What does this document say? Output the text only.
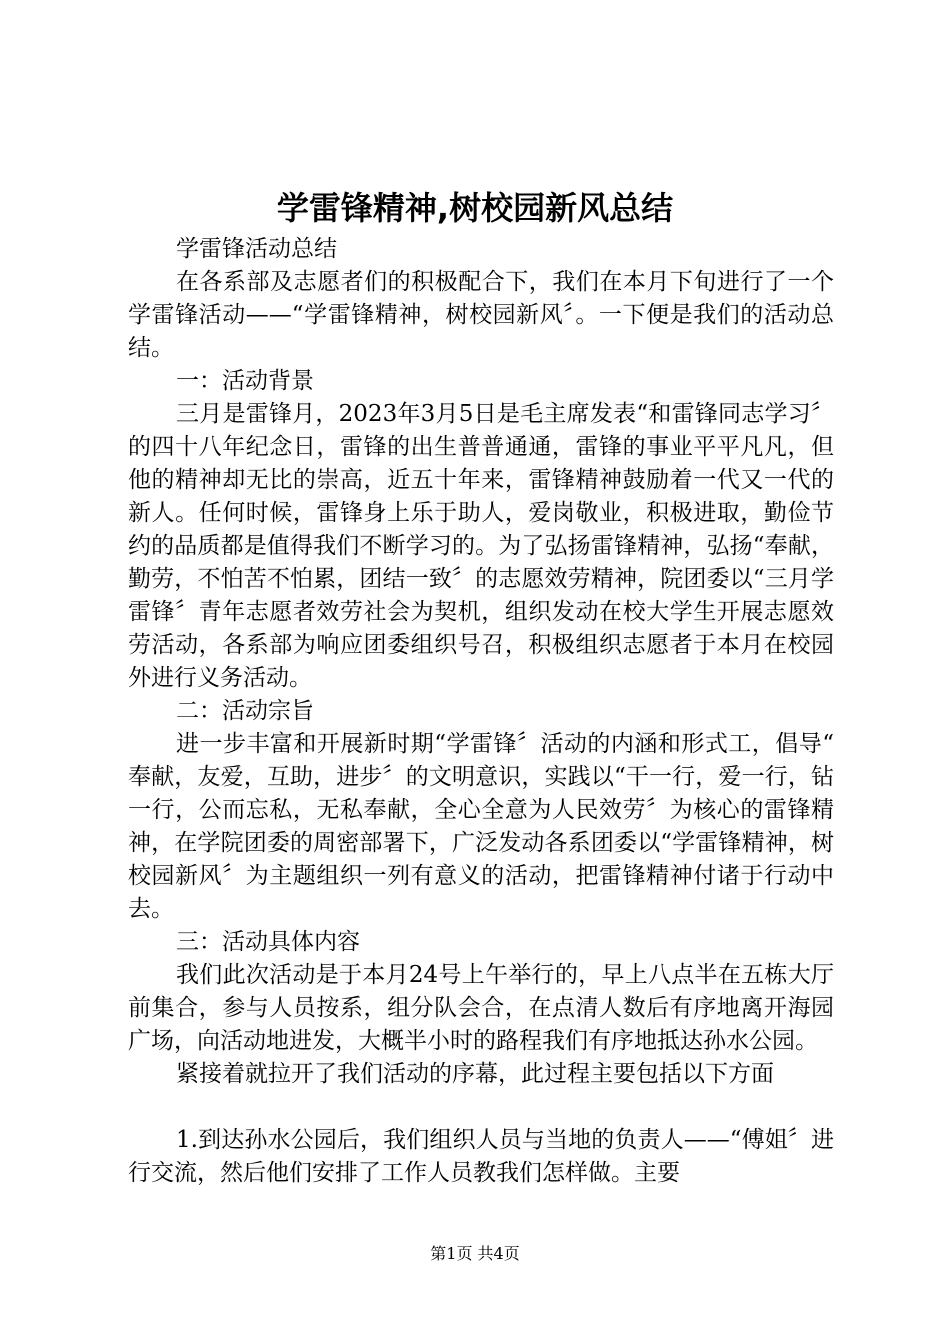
学雷锋精神,树校园新风总结

学雷锋活动总结

在各系部及志愿者们的积极配合下，我们在本月下旬进行了一个学雷锋活动——“学雷锋精神，树校园新风〞。一下便是我们的活动总结。

一：活动背景

三月是雷锋月，2023年3月5日是毛主席发表“和雷锋同志学习〞的四十八年纪念日，雷锋的出生普普通通，雷锋的事业平平凡凡，但他的精神却无比的崇高，近五十年来，雷锋精神鼓励着一代又一代的新人。任何时候，雷锋身上乐于助人，爱岗敬业，积极进取，勤俭节约的品质都是值得我们不断学习的。为了弘扬雷锋精神，弘扬“奉献，勤劳，不怕苦不怕累，团结一致〞的志愿效劳精神，院团委以“三月学雷锋〞青年志愿者效劳社会为契机，组织发动在校大学生开展志愿效劳活动，各系部为响应团委组织号召，积极组织志愿者于本月在校园外进行义务活动。

二：活动宗旨

进一步丰富和开展新时期“学雷锋〞活动的内涵和形式工，倡导“奉献，友爱，互助，进步〞的文明意识，实践以“干一行，爱一行，钻一行，公而忘私，无私奉献，全心全意为人民效劳〞为核心的雷锋精神，在学院团委的周密部署下，广泛发动各系团委以“学雷锋精神，树校园新风〞为主题组织一列有意义的活动，把雷锋精神付诸于行动中去。

三：活动具体内容

我们此次活动是于本月24号上午举行的，早上八点半在五栋大厅前集合，参与人员按系，组分队会合，在点清人数后有序地离开海园广场，向活动地进发，大概半小时的路程我们有序地抵达孙水公园。

紧接着就拉开了我们活动的序幕，此过程主要包括以下方面

1.到达孙水公园后，我们组织人员与当地的负责人——“傅姐〞进行交流，然后他们安排了工作人员教我们怎样做。主要

第1页 共4页
